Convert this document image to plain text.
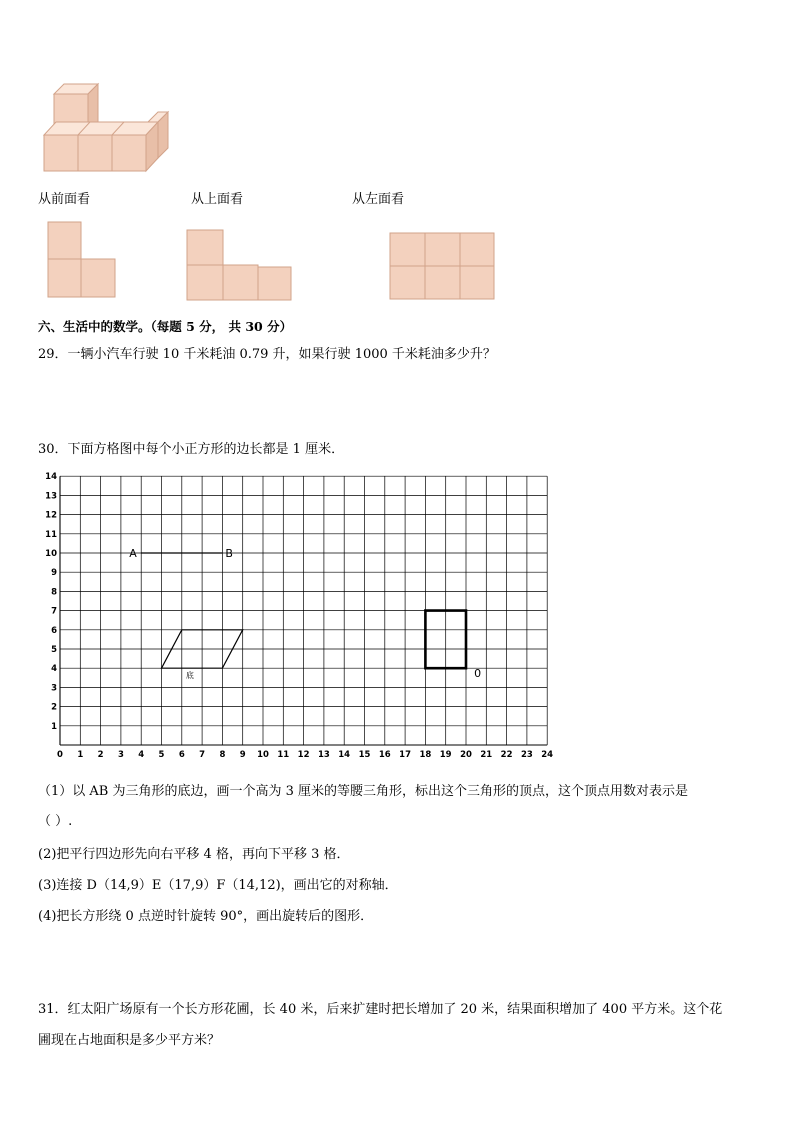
从前面看	从上面看	从左面看
六、生活中的数学。（每题 5 分， 共 30 分）
29．一辆小汽车行驶 10 千米耗油 0.79 升，如果行驶 1000 千米耗油多少升？
30．下面方格图中每个小正方形的边长都是 1 厘米．
0 1 2 3 4 5 6 7 8 9 10 11 12 13 14 15 16 17 18 19 20 21 22 23 24
1
2
3
4
5
6
7
8
9
10
11
12
13
14
A	B
底	0
（1）以 AB 为三角形的底边，画一个高为 3 厘米的等腰三角形，标出这个三角形的顶点，这个顶点用数对表示是
（ ）.
(2)把平行四边形先向右平移 4 格，再向下平移 3 格．
(3)连接 D（14,9）E（17,9）F（14,12)，画出它的对称轴．
(4)把长方形绕 0 点逆时针旋转 90°，画出旋转后的图形．
31．红太阳广场原有一个长方形花圃，长 40 米，后来扩建时把长增加了 20 米，结果面积增加了 400 平方米。这个花
圃现在占地面积是多少平方米？
